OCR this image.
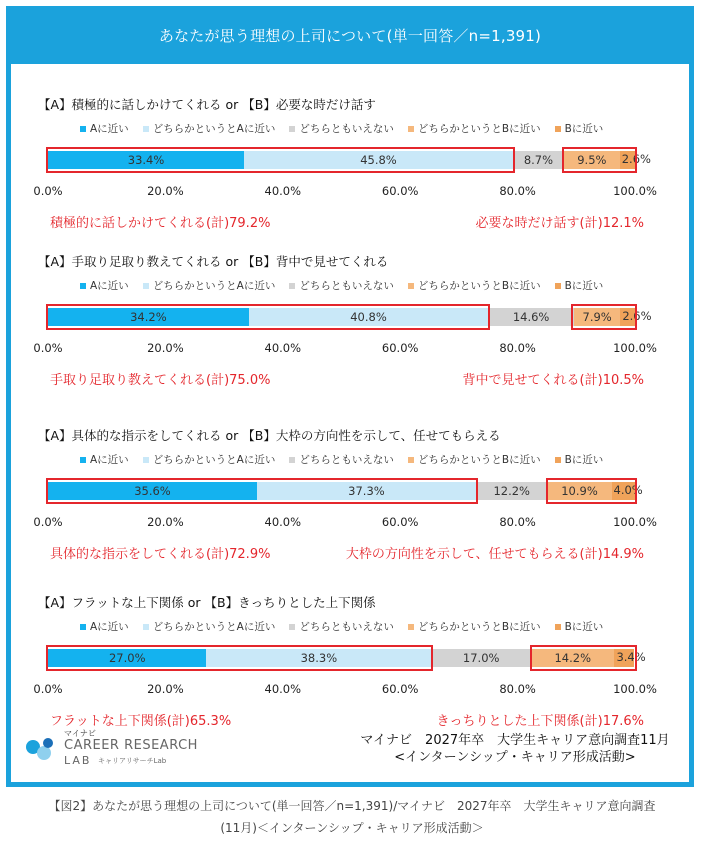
あなたが思う理想の上司について(単一回答／n=1,391)
【A】積極的に話しかけてくれる or 【B】必要な時だけ話す
Aに近い	どちらかというとAに近い	どちらともいえない	どちらかというとBに近い	Bに近い
33.4%	45.8%	8.7% 9.5% 2.6%
0.0%	20.0%	40.0%	60.0%	80.0%	100.0%
積極的に話しかけてくれる(計)79.2%	必要な時だけ話す(計)12.1%
【A】手取り足取り教えてくれる or 【B】背中で見せてくれる
Aに近い	どちらかというとAに近い	どちらともいえない	どちらかというとBに近い	Bに近い
34.2%	40.8%	14.6%	7.9% 2.6%
0.0%	20.0%	40.0%	60.0%	80.0%	100.0%
手取り足取り教えてくれる(計)75.0%	背中で見せてくれる(計)10.5%
【A】具体的な指示をしてくれる or 【B】大枠の方向性を示して、任せてもらえる
Aに近い	どちらかというとAに近い	どちらともいえない	どちらかというとBに近い	Bに近い
35.6%	37.3%	12.2%	10.9% 4.0%
0.0%	20.0%	40.0%	60.0%	80.0%	100.0%
具体的な指示をしてくれる(計)72.9%	大枠の方向性を示して、任せてもらえる(計)14.9%
【A】フラットな上下関係 or 【B】きっちりとした上下関係
Aに近い	どちらかというとAに近い	どちらともいえない	どちらかというとBに近い	Bに近い
27.0%	38.3%	17.0%	14.2% 3.4%
0.0%	20.0%	40.0%	60.0%	80.0%	100.0%
フラットな上下関係(計)65.3%	きっちりとした上下関係(計)17.6%
マイナビ
CAREER RESEARCH
LAB キャリアリサーチLab
マイナビ　2027年卒　大学生キャリア意向調査11月
<インターンシップ・キャリア形成活動>
【図2】あなたが思う理想の上司について(単一回答／n=1,391)/マイナビ　2027年卒　大学生キャリア意向調査
(11月)＜インターンシップ・キャリア形成活動＞
